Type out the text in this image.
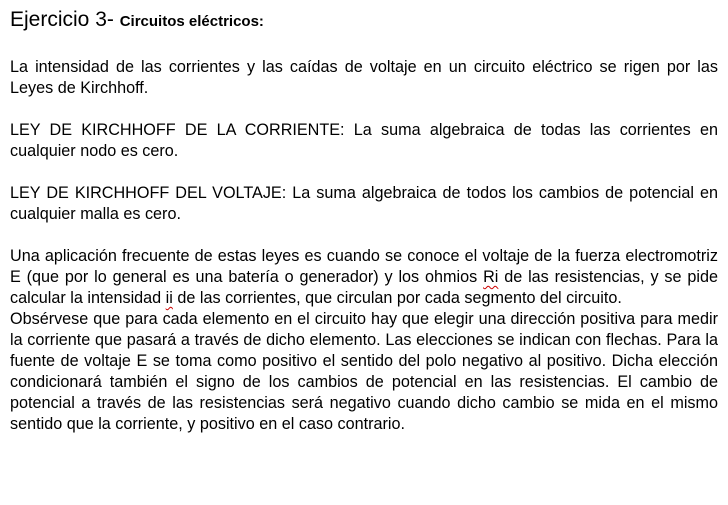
Ejercicio 3- Circuitos eléctricos:

La intensidad de las corrientes y las caídas de voltaje en un circuito eléctrico se rigen por las Leyes de Kirchhoff.

LEY DE KIRCHHOFF DE LA CORRIENTE: La suma algebraica de todas las corrientes en cualquier nodo es cero.

LEY DE KIRCHHOFF DEL VOLTAJE: La suma algebraica de todos los cambios de potencial en cualquier malla es cero.

Una aplicación frecuente de estas leyes es cuando se conoce el voltaje de la fuerza electromotriz E (que por lo general es una batería o generador) y los ohmios Ri de las resistencias, y se pide calcular la intensidad ii de las corrientes, que circulan por cada segmento del circuito.

Obsérvese que para cada elemento en el circuito hay que elegir una dirección positiva para medir la corriente que pasará a través de dicho elemento. Las elecciones se indican con flechas. Para la fuente de voltaje E se toma como positivo el sentido del polo negativo al positivo. Dicha elección condicionará también el signo de los cambios de potencial en las resistencias. El cambio de potencial a través de las resistencias será negativo cuando dicho cambio se mida en el mismo sentido que la corriente, y positivo en el caso contrario.
